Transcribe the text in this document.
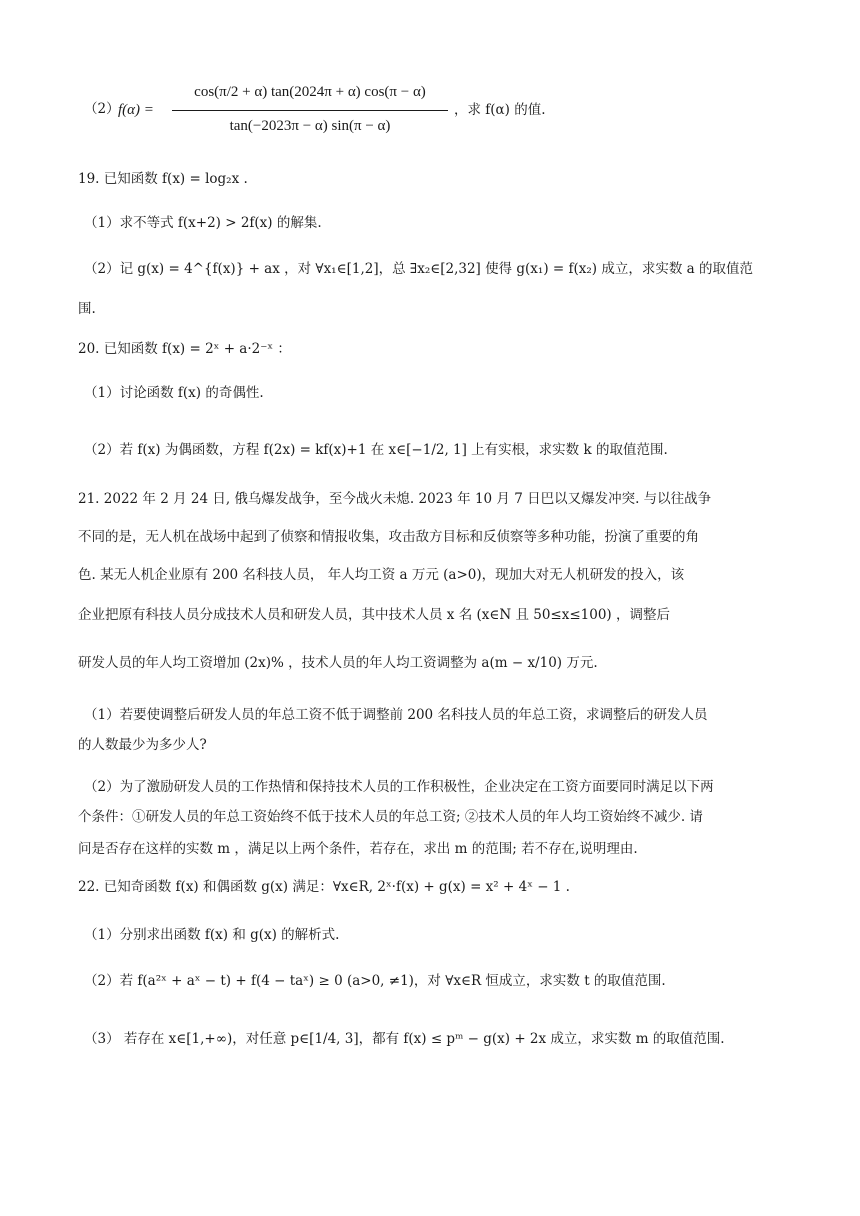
（2）
f(α) =
cos(π/2 + α) tan(2024π + α) cos(π − α)
tan(−2023π − α) sin(π − α)
，求 f(α) 的值.
19. 已知函数 f(x) = log₂x .
（1）求不等式 f(x+2) > 2f(x) 的解集.
（2）记 g(x) = 4^{f(x)} + ax ，对 ∀x₁∈[1,2]，总 ∃x₂∈[2,32] 使得 g(x₁) = f(x₂) 成立，求实数 a 的取值范
围.
20. 已知函数 f(x) = 2ˣ + a·2⁻ˣ ：
（1）讨论函数 f(x) 的奇偶性.
（2）若 f(x) 为偶函数，方程 f(2x) = kf(x)+1 在 x∈[−1/2, 1] 上有实根，求实数 k 的取值范围.
21. 2022 年 2 月 24 日, 俄乌爆发战争，至今战火未熄. 2023 年 10 月 7 日巴以又爆发冲突. 与以往战争
不同的是，无人机在战场中起到了侦察和情报收集，攻击敌方目标和反侦察等多种功能，扮演了重要的角
色. 某无人机企业原有 200 名科技人员， 年人均工资 a 万元 (a>0)，现加大对无人机研发的投入，该
企业把原有科技人员分成技术人员和研发人员，其中技术人员 x 名 (x∈N 且 50≤x≤100) ，调整后
研发人员的年人均工资增加 (2x)% ，技术人员的年人均工资调整为 a(m − x/10) 万元.
（1）若要使调整后研发人员的年总工资不低于调整前 200 名科技人员的年总工资，求调整后的研发人员
的人数最少为多少人?
（2）为了激励研发人员的工作热情和保持技术人员的工作积极性，企业决定在工资方面要同时满足以下两
个条件：①研发人员的年总工资始终不低于技术人员的年总工资; ②技术人员的年人均工资始终不减少. 请
问是否存在这样的实数 m ，满足以上两个条件，若存在，求出 m 的范围; 若不存在,说明理由.
22. 已知奇函数 f(x) 和偶函数 g(x) 满足：∀x∈R, 2ˣ·f(x) + g(x) = x² + 4ˣ − 1 .
（1）分别求出函数 f(x) 和 g(x) 的解析式.
（2）若 f(a²ˣ + aˣ − t) + f(4 − taˣ) ≥ 0 (a>0, ≠1)，对 ∀x∈R 恒成立，求实数 t 的取值范围.
（3） 若存在 x∈[1,+∞)，对任意 p∈[1/4, 3]，都有 f(x) ≤ pᵐ − g(x) + 2x 成立，求实数 m 的取值范围.
